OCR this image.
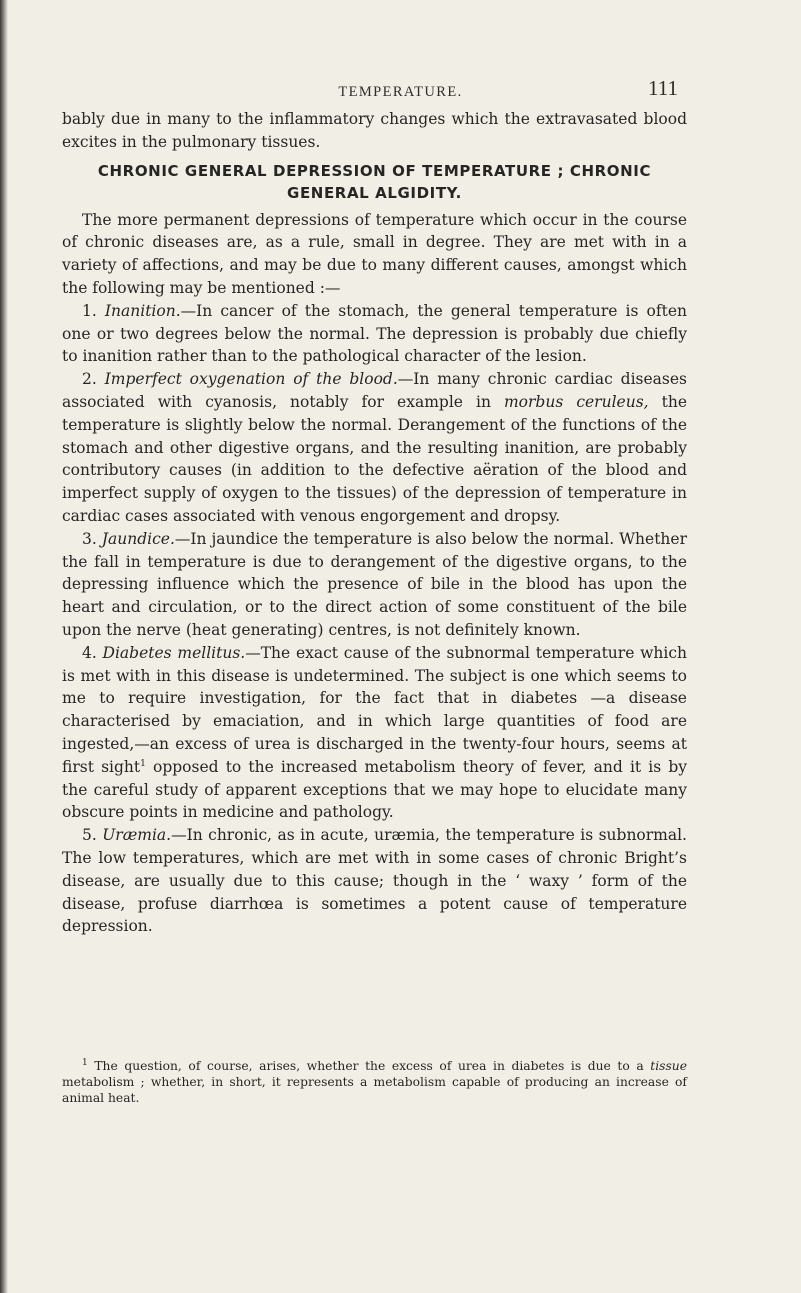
TEMPERATURE.	111

bably due in many to the inflammatory changes which the extravasated blood excites in the pulmonary tissues.

CHRONIC GENERAL DEPRESSION OF TEMPERATURE ; CHRONIC
GENERAL ALGIDITY.

The more permanent depressions of temperature which occur in the course of chronic diseases are, as a rule, small in degree. They are met with in a variety of affections, and may be due to many different causes, amongst which the following may be mentioned :—

1. Inanition.—In cancer of the stomach, the general temperature is often one or two degrees below the normal. The depression is probably due chiefly to inanition rather than to the pathological character of the lesion.

2. Imperfect oxygenation of the blood.—In many chronic cardiac diseases associated with cyanosis, notably for example in morbus ceruleus, the temperature is slightly below the normal. Derangement of the functions of the stomach and other digestive organs, and the resulting inanition, are probably contributory causes (in addition to the defective aëration of the blood and imperfect supply of oxygen to the tissues) of the depression of temperature in cardiac cases associated with venous engorgement and dropsy.

3. Jaundice.—In jaundice the temperature is also below the normal. Whether the fall in temperature is due to derangement of the digestive organs, to the depressing influence which the presence of bile in the blood has upon the heart and circulation, or to the direct action of some constituent of the bile upon the nerve (heat generating) centres, is not definitely known.

4. Diabetes mellitus.—The exact cause of the subnormal temperature which is met with in this disease is undetermined. The subject is one which seems to me to require investigation, for the fact that in diabetes —a disease characterised by emaciation, and in which large quantities of food are ingested,—an excess of urea is discharged in the twenty-four hours, seems at first sight$^1$ opposed to the increased metabolism theory of fever, and it is by the careful study of apparent exceptions that we may hope to elucidate many obscure points in medicine and pathology.

5. Uræmia.—In chronic, as in acute, uræmia, the temperature is subnormal. The low temperatures, which are met with in some cases of chronic Bright’s disease, are usually due to this cause; though in the ‘ waxy ’ form of the disease, profuse diarrhœa is sometimes a potent cause of temperature depression.

$^1$ The question, of course, arises, whether the excess of urea in diabetes is due to a tissue metabolism ; whether, in short, it represents a metabolism capable of producing an increase of animal heat.
